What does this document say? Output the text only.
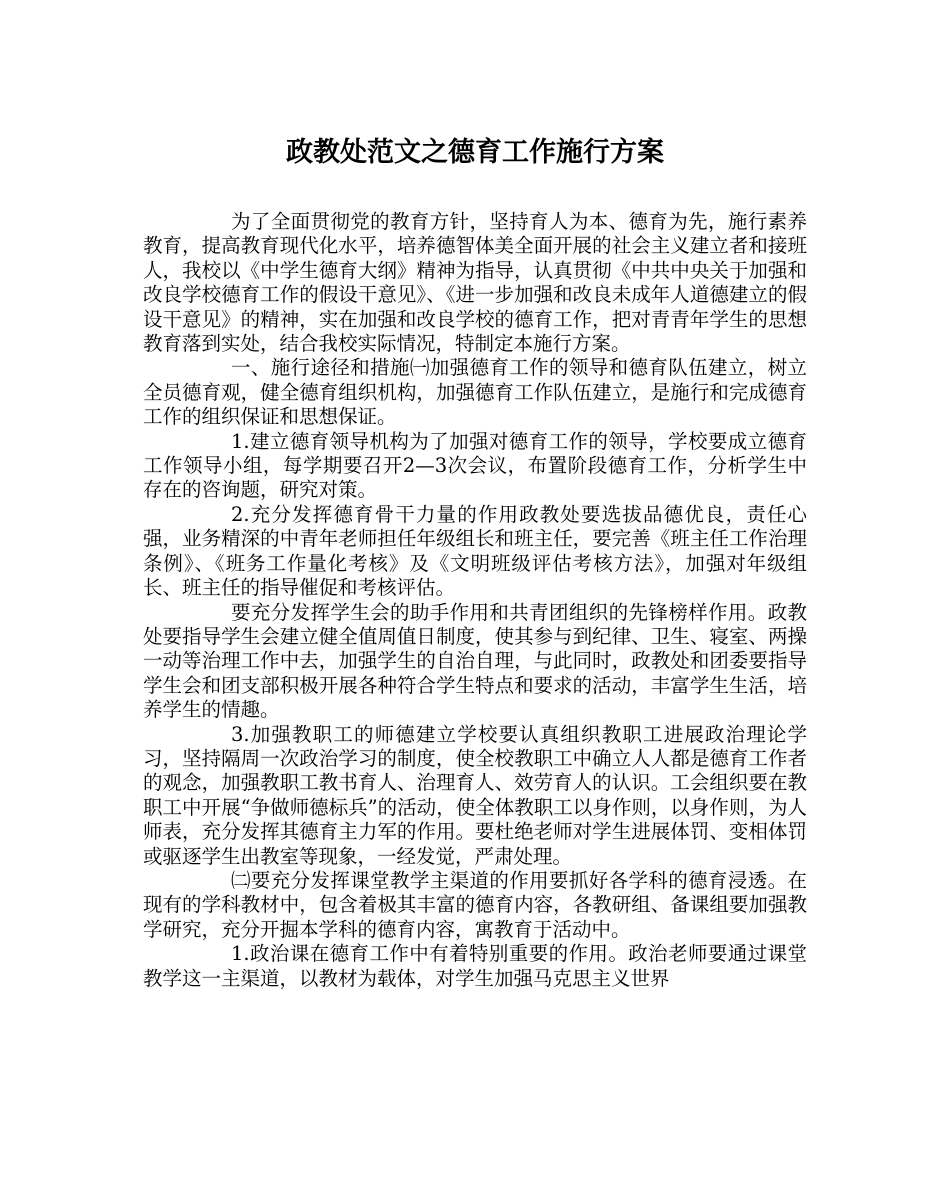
政教处范文之德育工作施行方案

为了全面贯彻党的教育方针，坚持育人为本、德育为先，施行素养教育，提高教育现代化水平，培养德智体美全面开展的社会主义建立者和接班人，我校以《中学生德育大纲》精神为指导，认真贯彻《中共中央关于加强和改良学校德育工作的假设干意见》、《进一步加强和改良未成年人道德建立的假设干意见》的精神，实在加强和改良学校的德育工作，把对青青年学生的思想教育落到实处，结合我校实际情况，特制定本施行方案。

一、施行途径和措施㈠加强德育工作的领导和德育队伍建立，树立全员德育观，健全德育组织机构，加强德育工作队伍建立，是施行和完成德育工作的组织保证和思想保证。

1.建立德育领导机构为了加强对德育工作的领导，学校要成立德育工作领导小组，每学期要召开2—3次会议，布置阶段德育工作，分析学生中存在的咨询题，研究对策。

2.充分发挥德育骨干力量的作用政教处要选拔品德优良，责任心强，业务精深的中青年老师担任年级组长和班主任，要完善《班主任工作治理条例》、《班务工作量化考核》及《文明班级评估考核方法》，加强对年级组长、班主任的指导催促和考核评估。

要充分发挥学生会的助手作用和共青团组织的先锋榜样作用。政教处要指导学生会建立健全值周值日制度，使其参与到纪律、卫生、寝室、两操一动等治理工作中去，加强学生的自治自理，与此同时，政教处和团委要指导学生会和团支部积极开展各种符合学生特点和要求的活动，丰富学生生活，培养学生的情趣。

3.加强教职工的师德建立学校要认真组织教职工进展政治理论学习，坚持隔周一次政治学习的制度，使全校教职工中确立人人都是德育工作者的观念，加强教职工教书育人、治理育人、效劳育人的认识。工会组织要在教职工中开展“争做师德标兵”的活动，使全体教职工以身作则，以身作则，为人师表，充分发挥其德育主力军的作用。要杜绝老师对学生进展体罚、变相体罚或驱逐学生出教室等现象，一经发觉，严肃处理。

㈡要充分发挥课堂教学主渠道的作用要抓好各学科的德育浸透。在现有的学科教材中，包含着极其丰富的德育内容，各教研组、备课组要加强教学研究，充分开掘本学科的德育内容，寓教育于活动中。

1.政治课在德育工作中有着特别重要的作用。政治老师要通过课堂教学这一主渠道，以教材为载体，对学生加强马克思主义世界
